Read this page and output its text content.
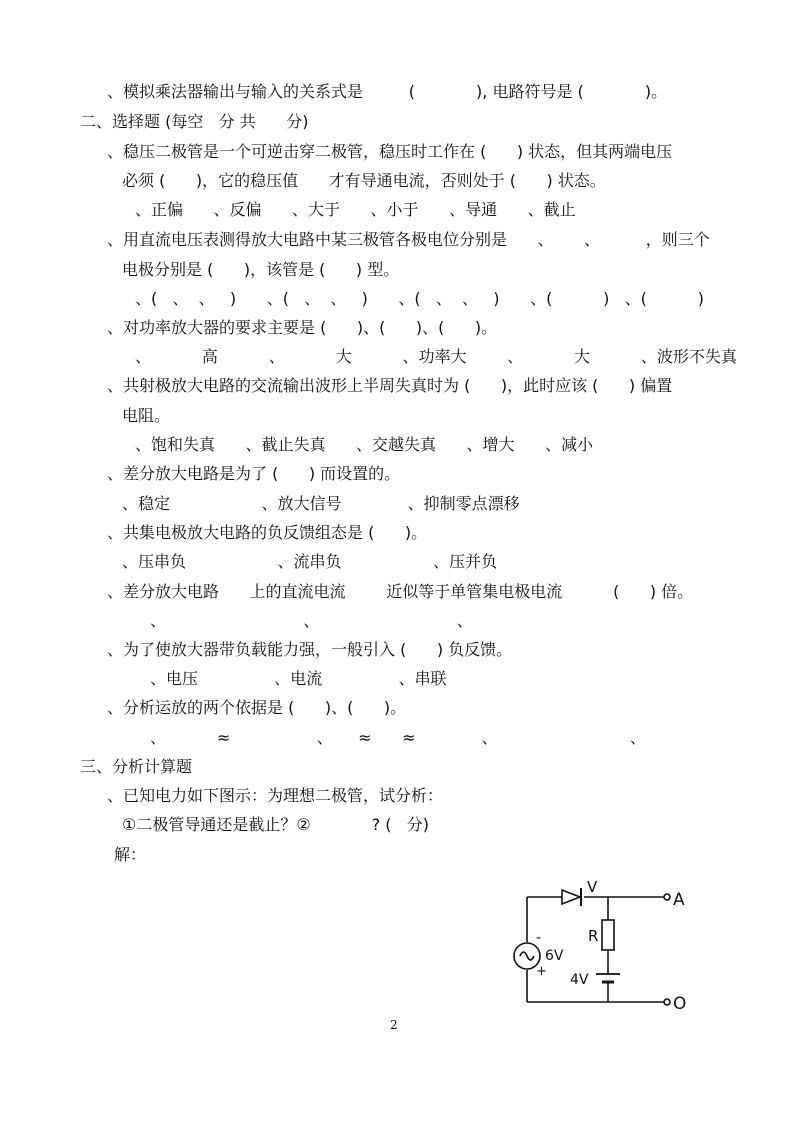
、模拟乘法器输出与输入的关系式是         (            ), 电路符号是 (            )。
二、选择题 (每空   分 共      分)
、稳压二极管是一个可逆击穿二极管，稳压时工作在 (      ) 状态，但其两端电压
必须 (      )，它的稳压值      才有导通电流，否则处于 (      ) 状态。
、正偏      、反偏      、大于      、小于      、导通      、截止
、用直流电压表测得放大电路中某三极管各极电位分别是      、      、         ，则三个
电极分别是 (      )，该管是 (      ) 型。
、(   、  、   )      、(   、  、   )      、(   、  、   )      、(          )   、(          )
、对功率放大器的要求主要是 (      )、(      )、(      )。
、          高          、          大          、功率大        、          大          、波形不失真
、共射极放大电路的交流输出波形上半周失真时为 (      )，此时应该 (      ) 偏置
电阻。
、饱和失真      、截止失真      、交越失真      、增大      、减小
、差分放大电路是为了 (      ) 而设置的。
、稳定                  、放大信号             、抑制零点漂移
、共集电极放大电路的负反馈组态是 (      )。
、压串负                  、流串负                  、压并负
、差分放大电路      上的直流电流        近似等于单管集电极电流          (      ) 倍。
、                           、                           、
、为了使放大器带负载能力强，一般引入 (      ) 负反馈。
、电压               、电流               、串联
、分析运放的两个依据是 (      )、(      )。
、          ≈                 、     ≈      ≈             、                          、
三、分析计算题
、已知电力如下图示：为理想二极管，试分析：
①二极管导通还是截止？②            ? (   分)
解：
V
A
R
6V
-
+
4V
O
2
